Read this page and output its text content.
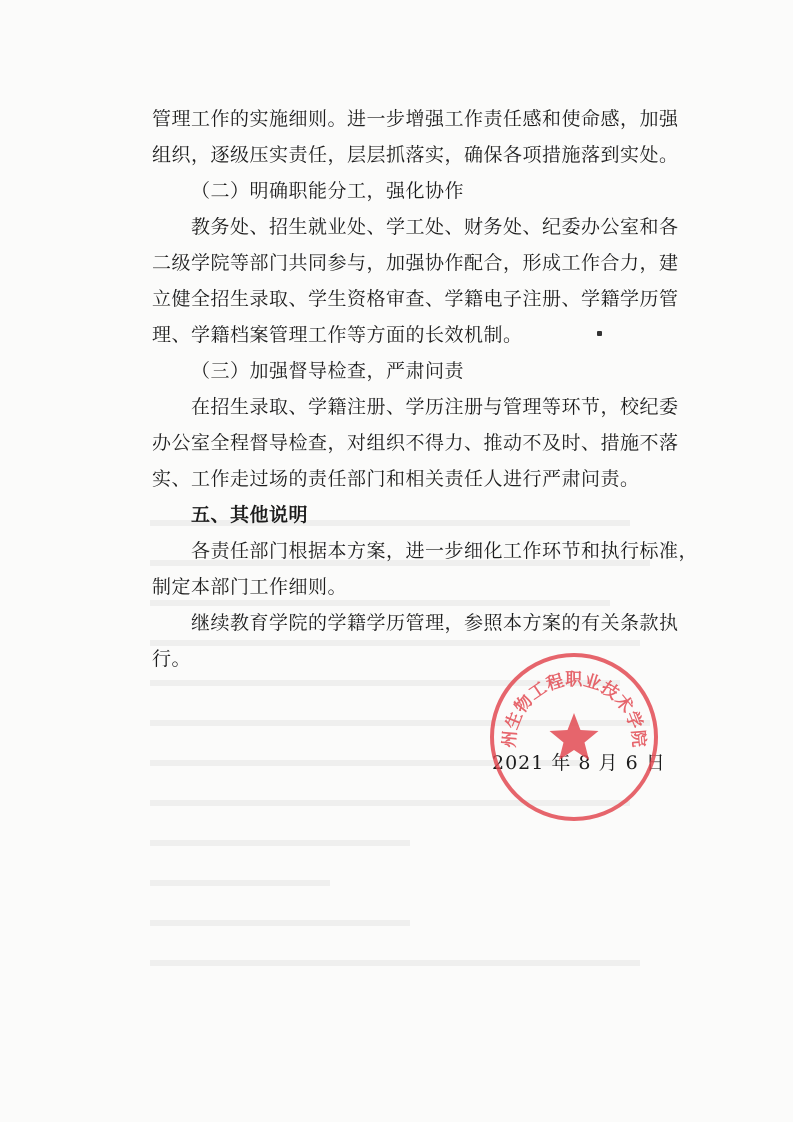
管理工作的实施细则。进一步增强工作责任感和使命感，加强
组织，逐级压实责任，层层抓落实，确保各项措施落到实处。
（二）明确职能分工，强化协作
教务处、招生就业处、学工处、财务处、纪委办公室和各
二级学院等部门共同参与，加强协作配合，形成工作合力，建
立健全招生录取、学生资格审查、学籍电子注册、学籍学历管
理、学籍档案管理工作等方面的长效机制。
（三）加强督导检查，严肃问责
在招生录取、学籍注册、学历注册与管理等环节，校纪委
办公室全程督导检查，对组织不得力、推动不及时、措施不落
实、工作走过场的责任部门和相关责任人进行严肃问责。
五、其他说明
各责任部门根据本方案，进一步细化工作环节和执行标准，
制定本部门工作细则。
继续教育学院的学籍学历管理，参照本方案的有关条款执
行。
2021 年 8 月 6 日
州生物工程职业技术学院
